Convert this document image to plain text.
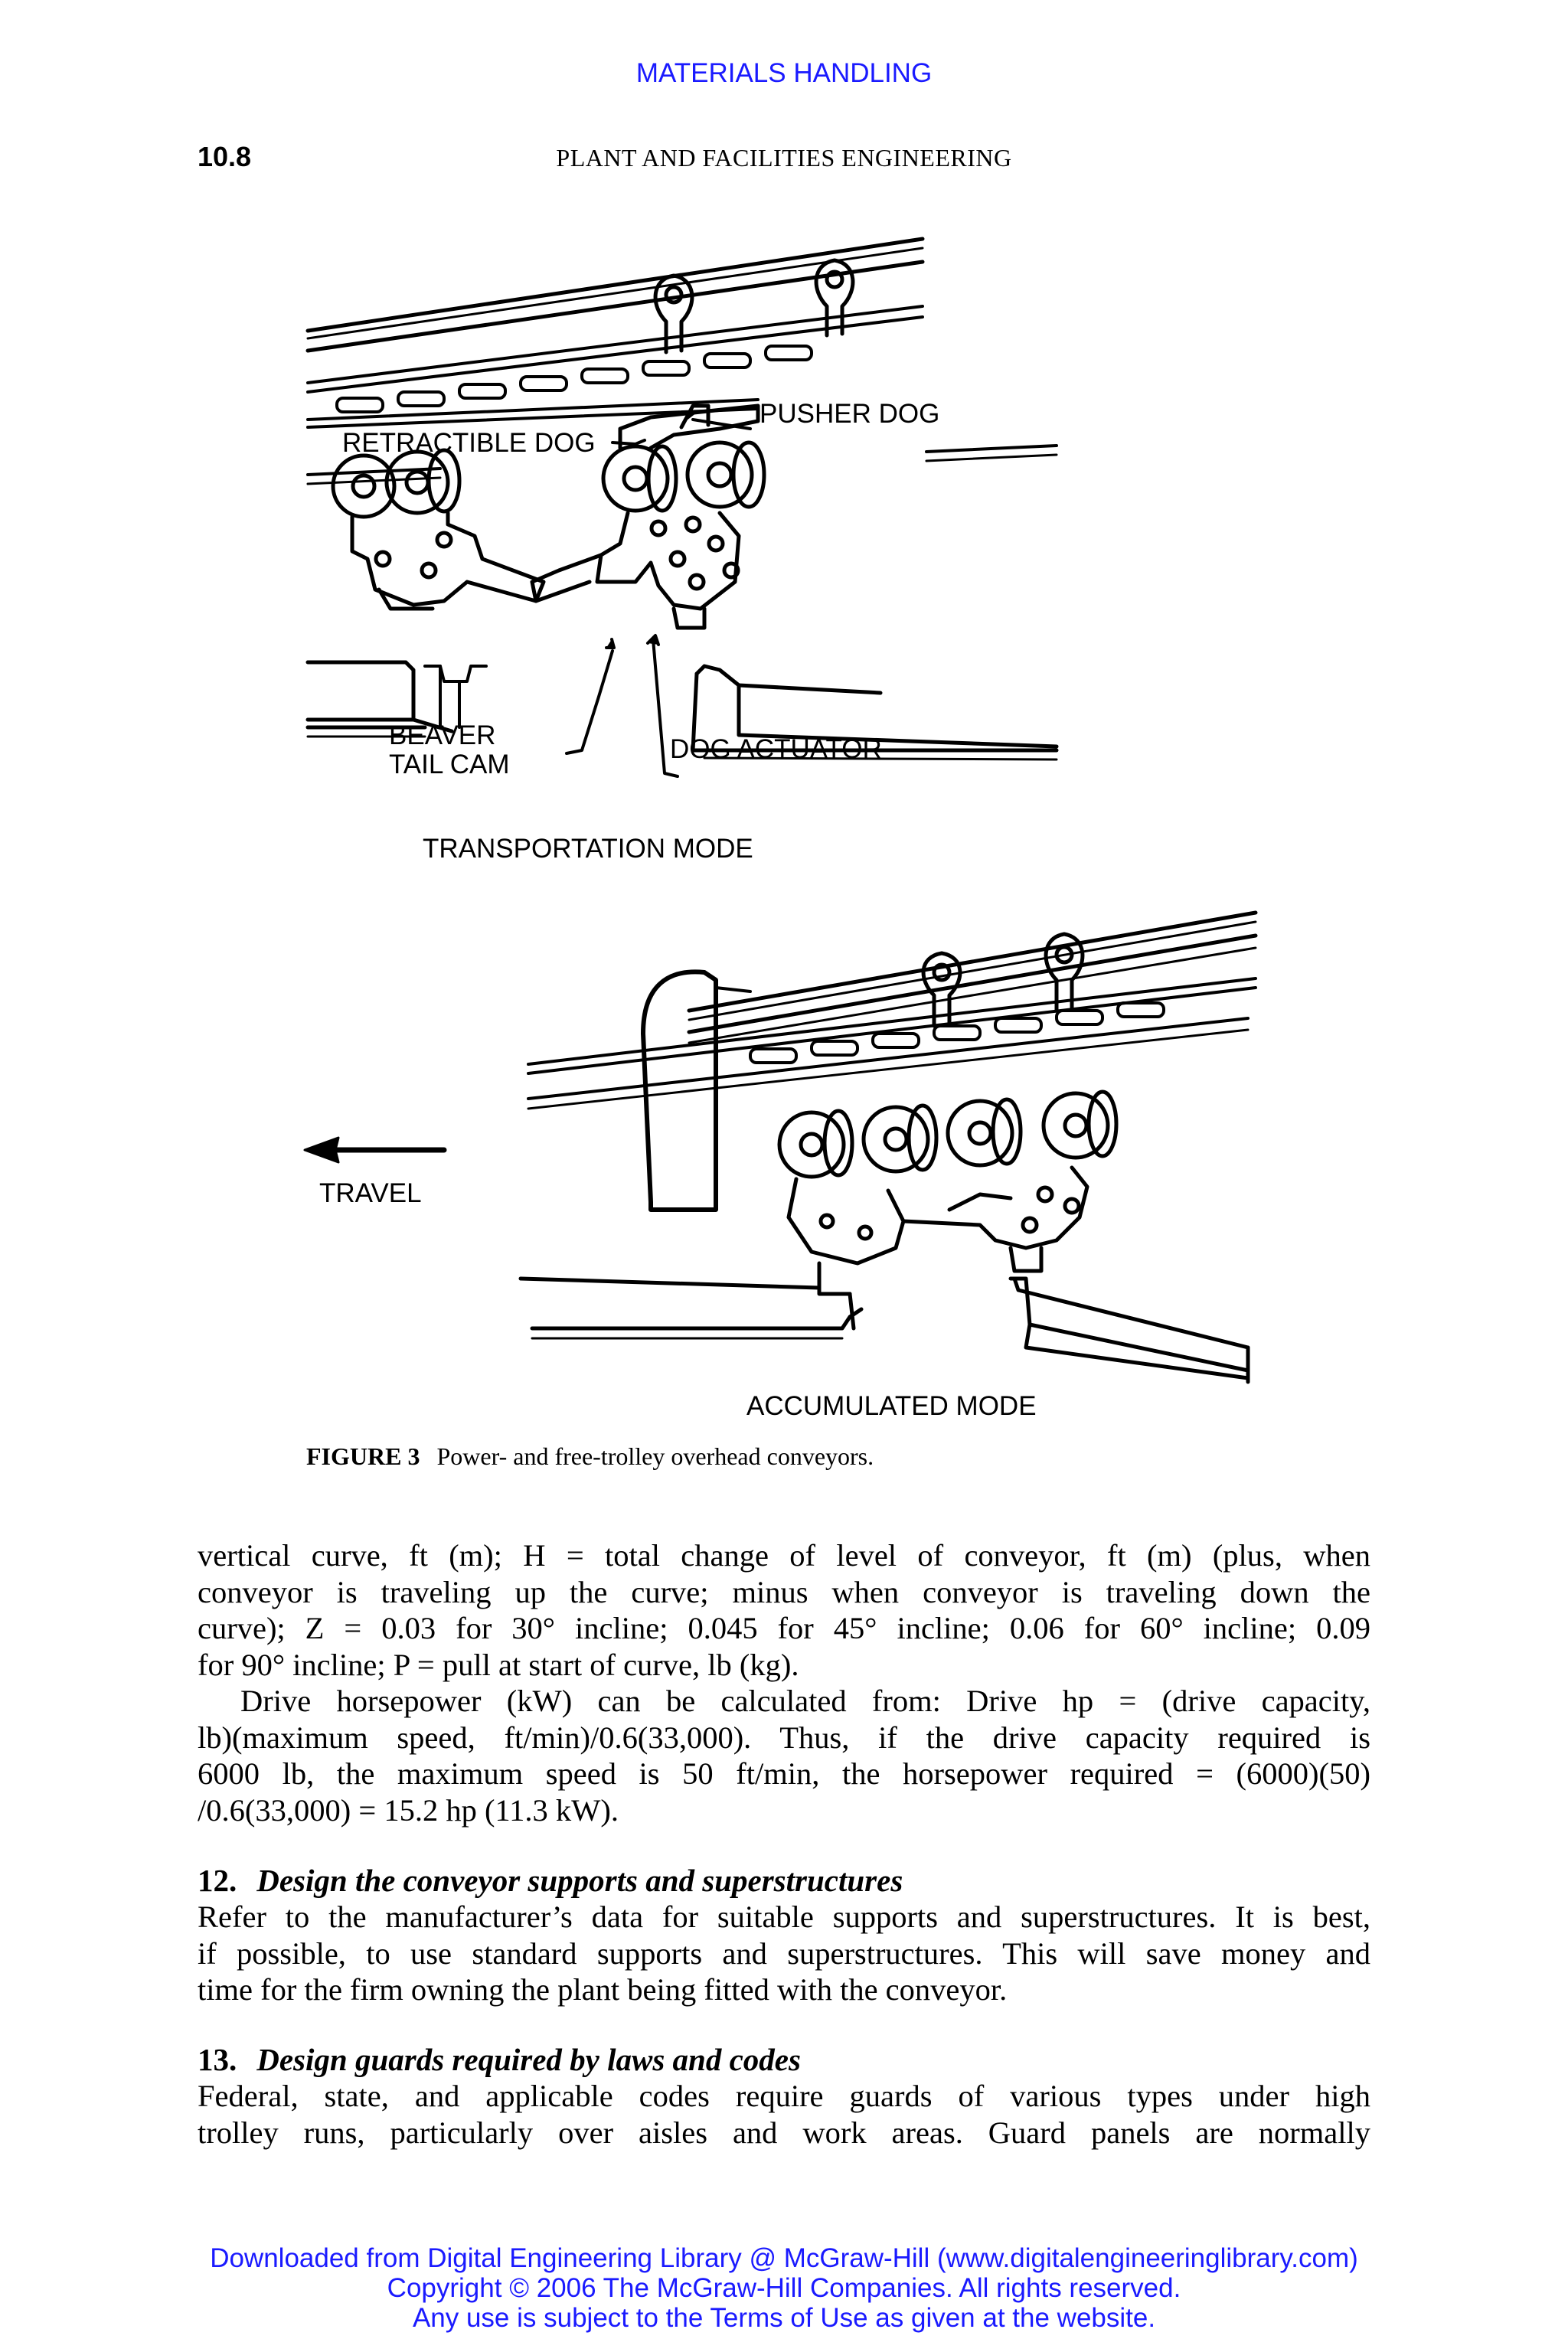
MATERIALS HANDLING
10.8	PLANT AND FACILITIES ENGINEERING
RETRACTIBLE DOG
PUSHER DOG
BEAVER
TAIL CAM
DOG ACTUATOR
TRANSPORTATION MODE
TRAVEL
ACCUMULATED MODE
FIGURE 3 Power- and free-trolley overhead conveyors.
vertical curve, ft (m); H = total change of level of conveyor, ft (m) (plus, when
conveyor is traveling up the curve; minus when conveyor is traveling down the
curve); Z = 0.03 for 30° incline; 0.045 for 45° incline; 0.06 for 60° incline; 0.09
for 90° incline; P = pull at start of curve, lb (kg).
Drive horsepower (kW) can be calculated from: Drive hp = (drive capacity,
lb)(maximum speed, ft/min)/0.6(33,000). Thus, if the drive capacity required is
6000 lb, the maximum speed is 50 ft/min, the horsepower required = (6000)(50)
/0.6(33,000) = 15.2 hp (11.3 kW).
12. Design the conveyor supports and superstructures
Refer to the manufacturer’s data for suitable supports and superstructures. It is best,
if possible, to use standard supports and superstructures. This will save money and
time for the firm owning the plant being fitted with the conveyor.
13. Design guards required by laws and codes
Federal, state, and applicable codes require guards of various types under high
trolley runs, particularly over aisles and work areas. Guard panels are normally
Downloaded from Digital Engineering Library @ McGraw-Hill (www.digitalengineeringlibrary.com)
Copyright © 2006 The McGraw-Hill Companies. All rights reserved.
Any use is subject to the Terms of Use as given at the website.
